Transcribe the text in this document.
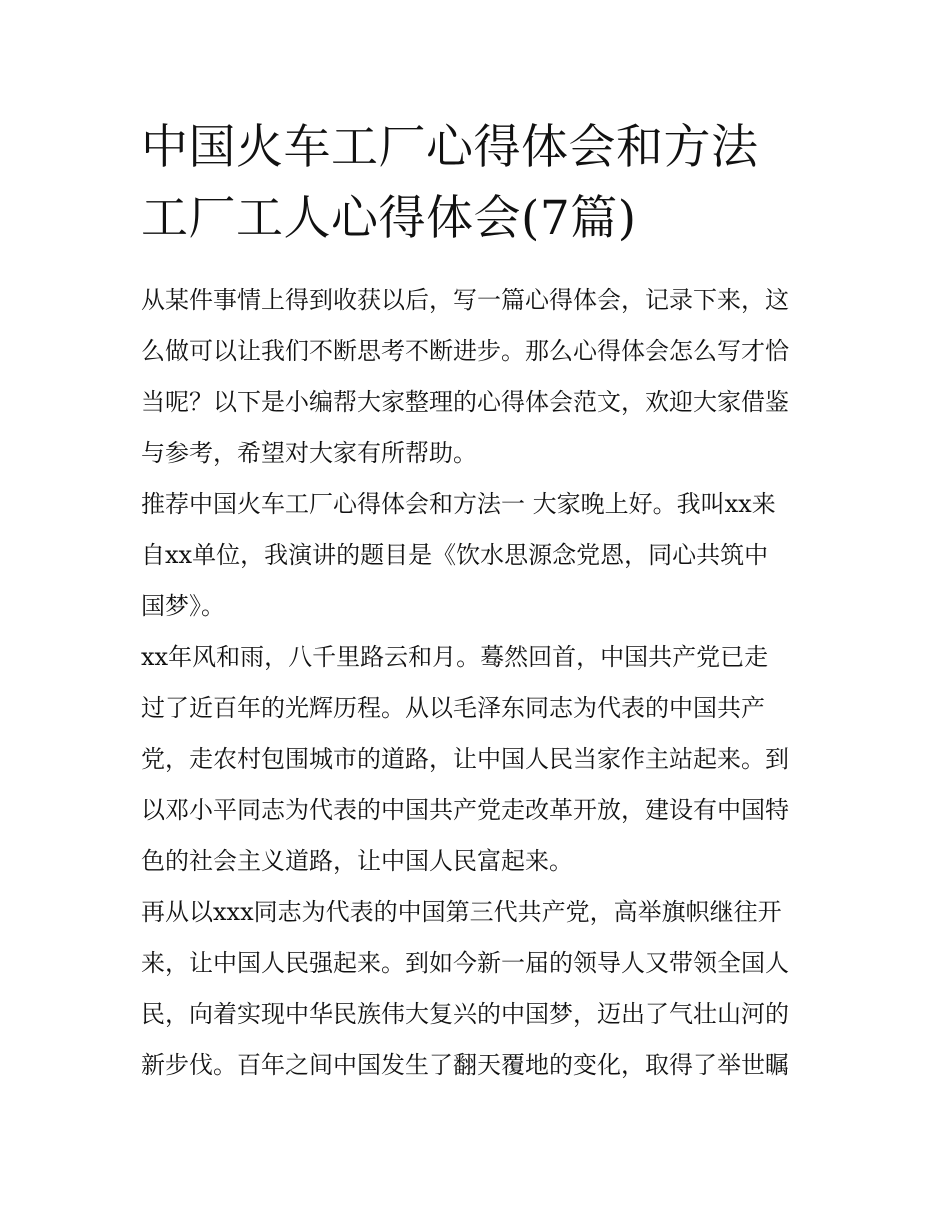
中国火车工厂心得体会和方法
工厂工人心得体会(7篇)

从某件事情上得到收获以后，写一篇心得体会，记录下来，这
么做可以让我们不断思考不断进步。那么心得体会怎么写才恰
当呢？以下是小编帮大家整理的心得体会范文，欢迎大家借鉴
与参考，希望对大家有所帮助。

推荐中国火车工厂心得体会和方法一 大家晚上好。我叫xx来
自xx单位，我演讲的题目是《饮水思源念党恩，同心共筑中
国梦》。

xx年风和雨，八千里路云和月。蓦然回首，中国共产党已走
过了近百年的光辉历程。从以毛泽东同志为代表的中国共产
党，走农村包围城市的道路，让中国人民当家作主站起来。到
以邓小平同志为代表的中国共产党走改革开放，建设有中国特
色的社会主义道路，让中国人民富起来。

再从以xxx同志为代表的中国第三代共产党，高举旗帜继往开
来，让中国人民强起来。到如今新一届的领导人又带领全国人
民，向着实现中华民族伟大复兴的中国梦，迈出了气壮山河的
新步伐。百年之间中国发生了翻天覆地的变化，取得了举世瞩
